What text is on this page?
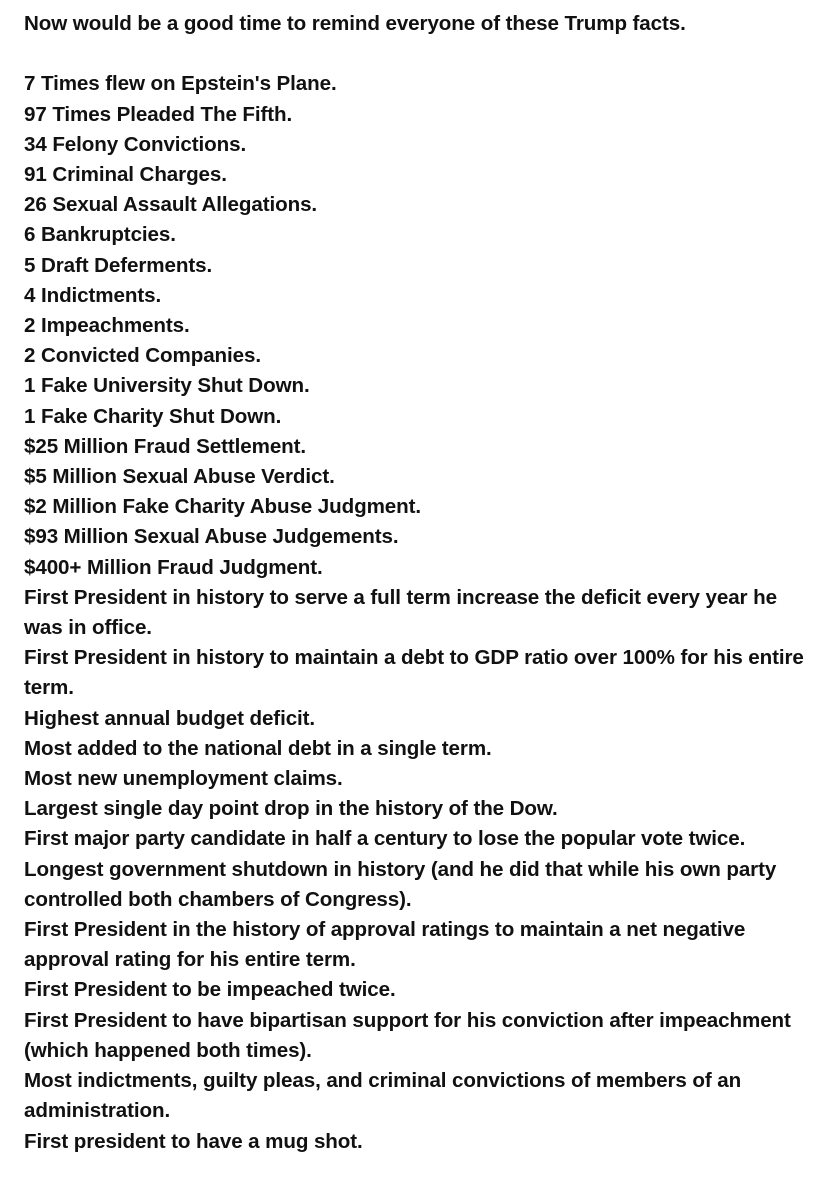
Now would be a good time to remind everyone of these Trump facts.

7 Times flew on Epstein's Plane.

97 Times Pleaded The Fifth.

34 Felony Convictions.

91 Criminal Charges.

26 Sexual Assault Allegations.

6 Bankruptcies.

5 Draft Deferments.

4 Indictments.

2 Impeachments.

2 Convicted Companies.

1 Fake University Shut Down.

1 Fake Charity Shut Down.

$25 Million Fraud Settlement.

$5 Million Sexual Abuse Verdict.

$2 Million Fake Charity Abuse Judgment.

$93 Million Sexual Abuse Judgements.

$400+ Million Fraud Judgment.

First President in history to serve a full term increase the deficit every year he was in office.

First President in history to maintain a debt to GDP ratio over 100% for his entire term.

Highest annual budget deficit.

Most added to the national debt in a single term.

Most new unemployment claims.

Largest single day point drop in the history of the Dow.

First major party candidate in half a century to lose the popular vote twice.

Longest government shutdown in history (and he did that while his own party controlled both chambers of Congress).

First President in the history of approval ratings to maintain a net negative approval rating for his entire term.

First President to be impeached twice.

First President to have bipartisan support for his conviction after impeachment (which happened both times).

Most indictments, guilty pleas, and criminal convictions of members of an administration.

First president to have a mug shot.
